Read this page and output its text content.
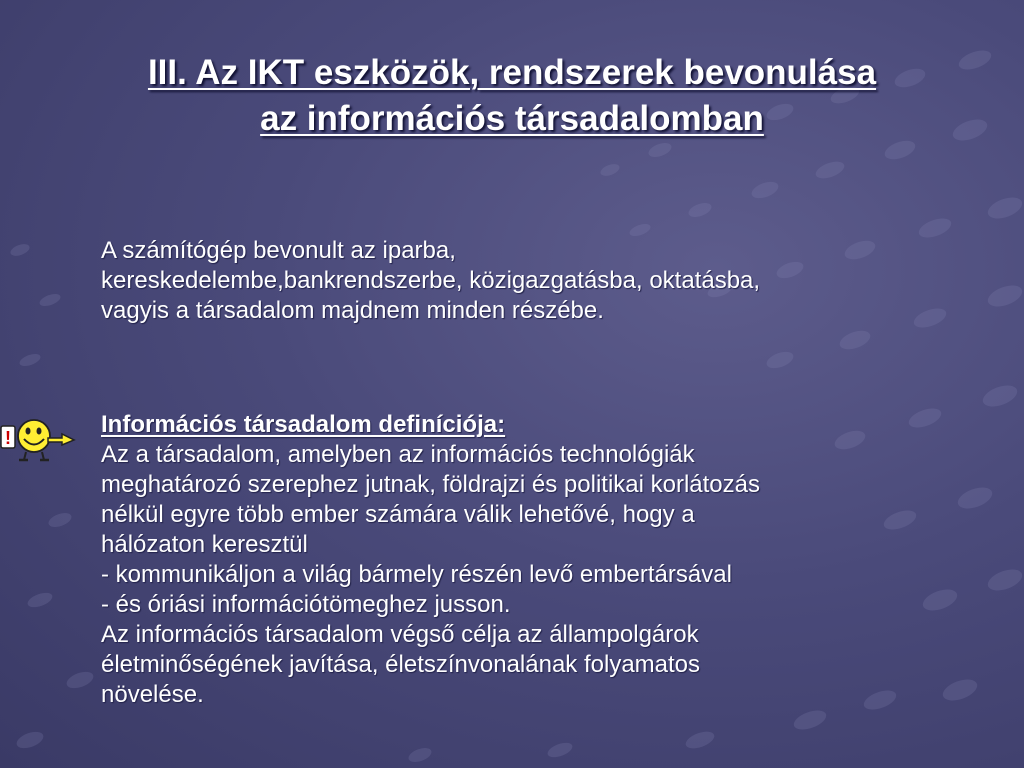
III. Az IKT eszközök, rendszerek bevonulása
az információs társadalomban
A számítógép bevonult az iparba,
kereskedelembe,bankrendszerbe, közigazgatásba, oktatásba,
vagyis a társadalom majdnem minden részébe.
!	Információs társadalom definíciója:
Az a társadalom, amelyben az információs technológiák
meghatározó szerephez jutnak, földrajzi és politikai korlátozás
nélkül egyre több ember számára válik lehetővé, hogy a
hálózaton keresztül
- kommunikáljon a világ bármely részén levő embertársával
- és óriási információtömeghez jusson.
Az információs társadalom végső célja az állampolgárok
életminőségének javítása, életszínvonalának folyamatos
növelése.
